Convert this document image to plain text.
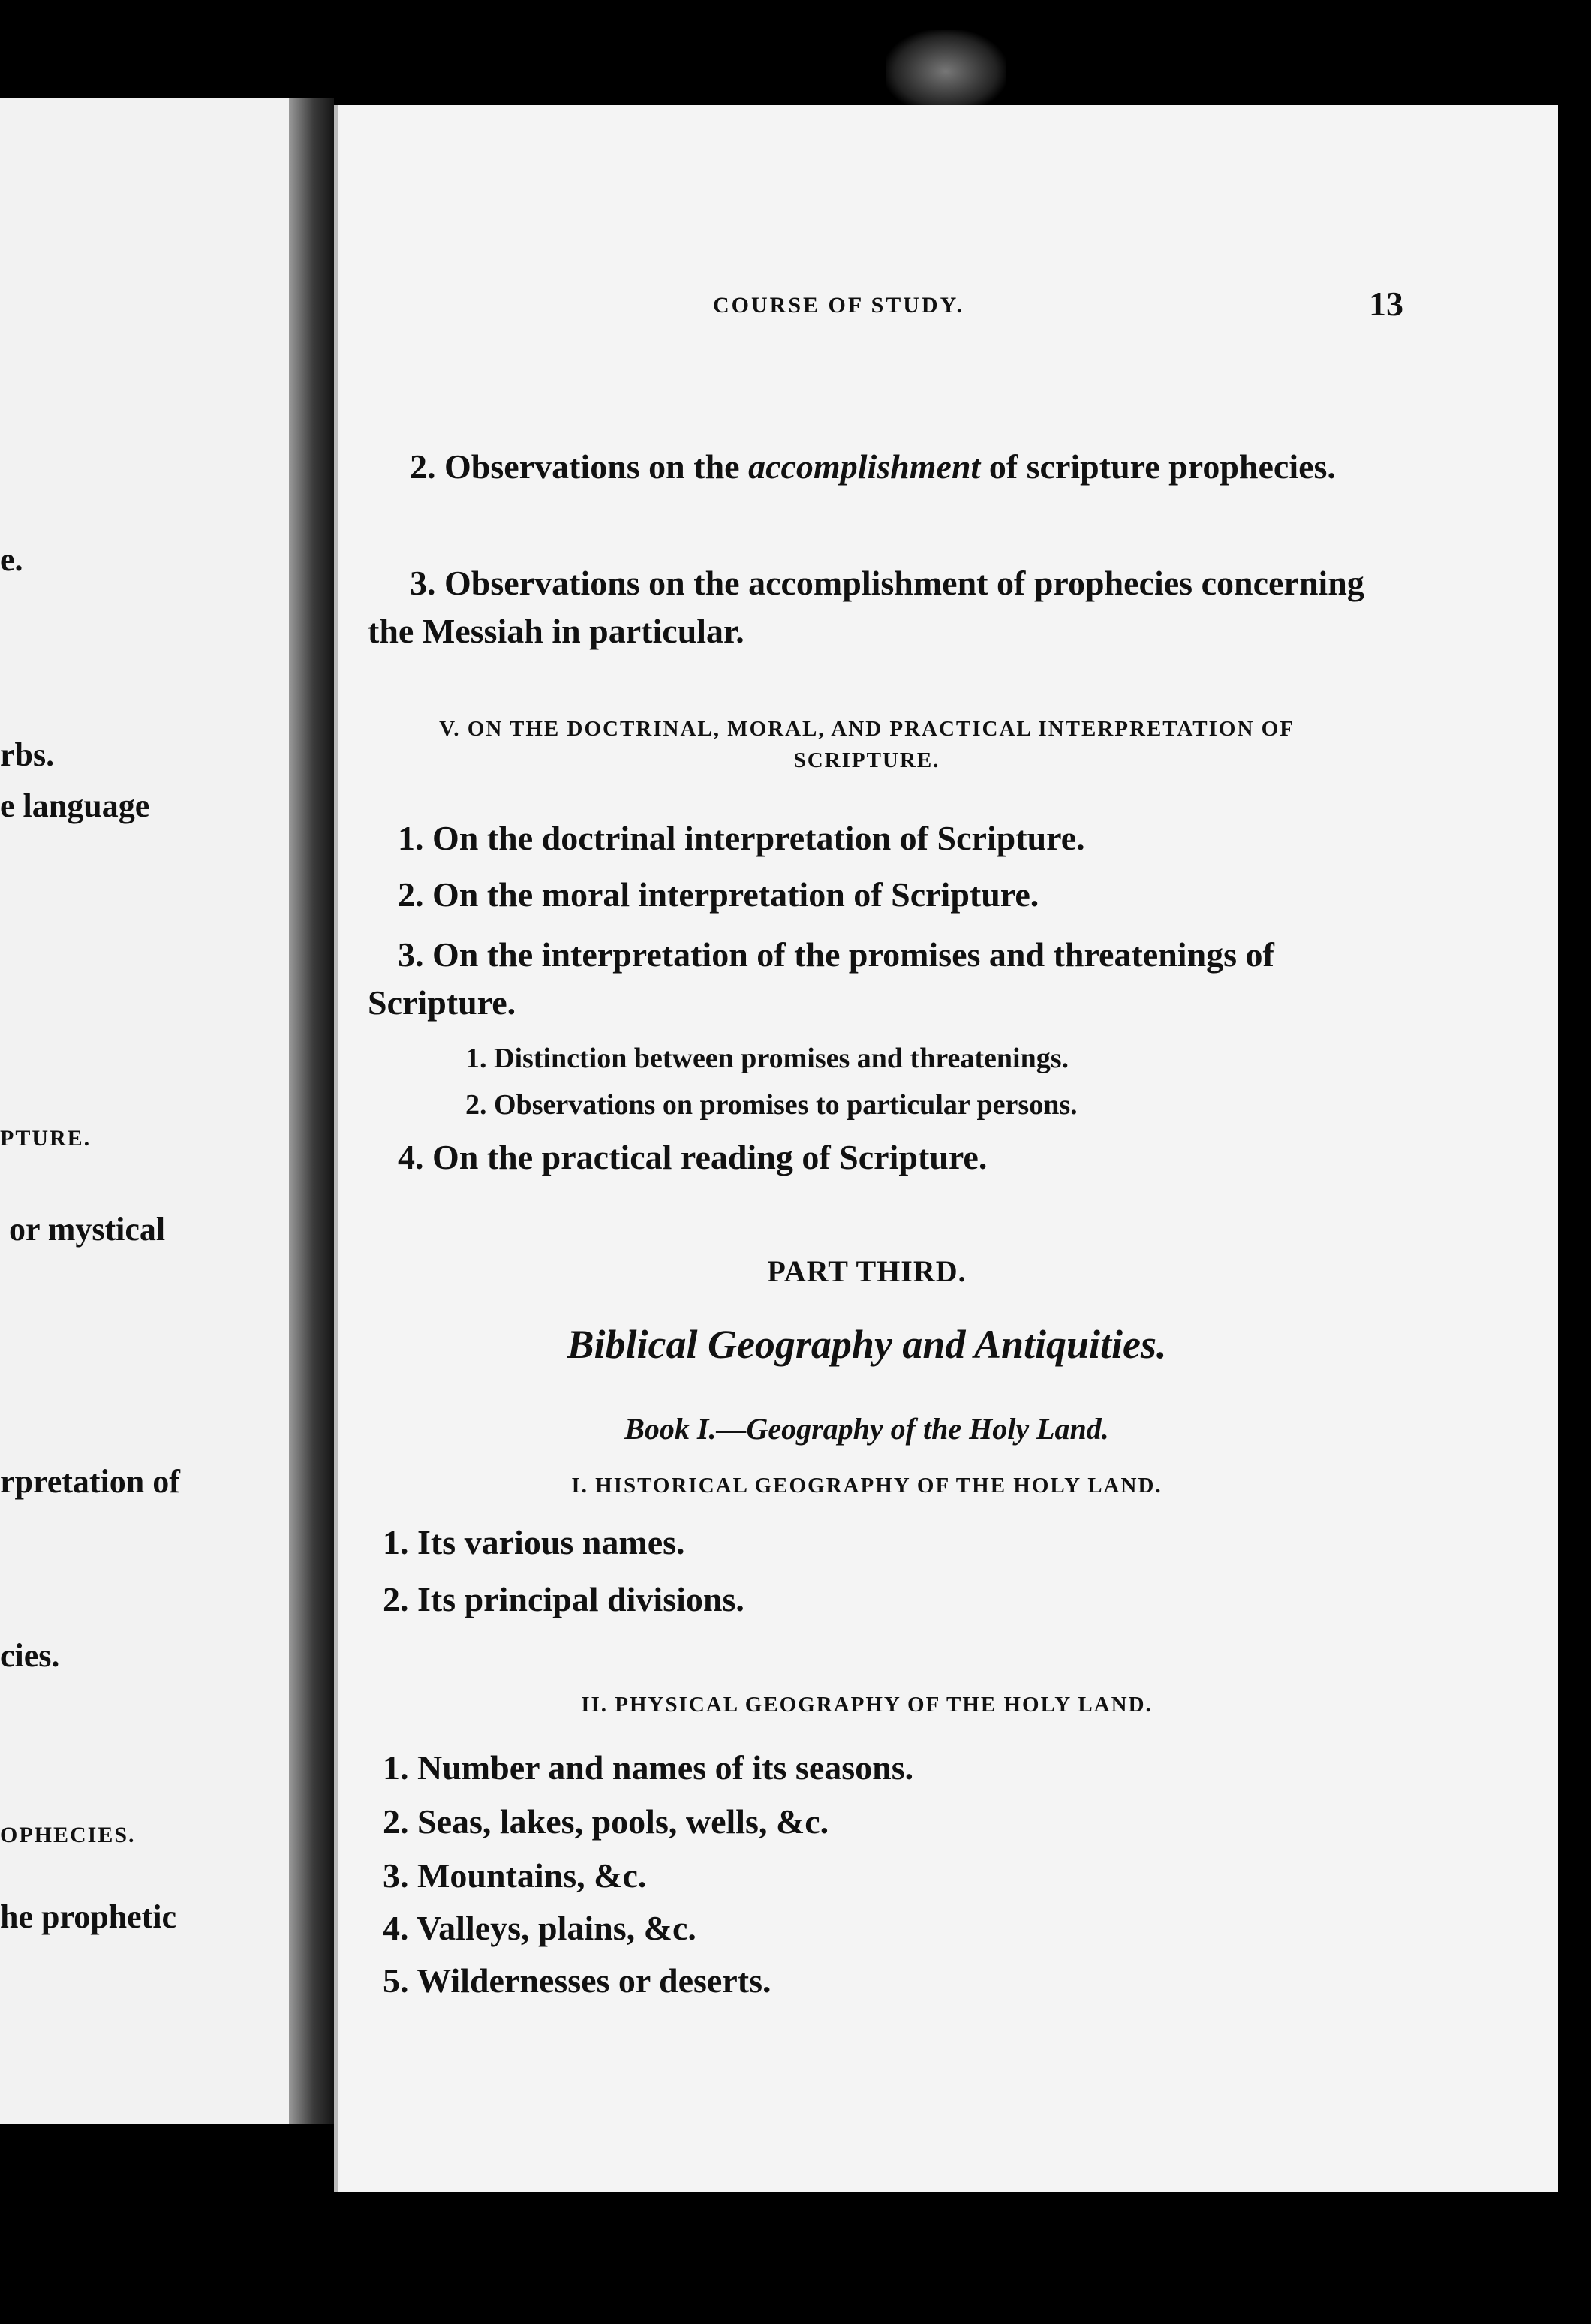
e.
rbs.
e language
PTURE.
or mystical
rpretation of
cies.
OPHECIES.
he prophetic
COURSE OF STUDY.	13
2. Observations on the accomplishment of scripture prophecies.
3. Observations on the accomplishment of prophecies concerning the Messiah in particular.
V. ON THE DOCTRINAL, MORAL, AND PRACTICAL INTERPRETATION OF SCRIPTURE.
1. On the doctrinal interpretation of Scripture.
2. On the moral interpretation of Scripture.
3. On the interpretation of the promises and threatenings of Scripture.
1. Distinction between promises and threatenings.
2. Observations on promises to particular persons.
4. On the practical reading of Scripture.
PART THIRD.
Biblical Geography and Antiquities.
Book I.—Geography of the Holy Land.
I. HISTORICAL GEOGRAPHY OF THE HOLY LAND.
1. Its various names.
2. Its principal divisions.
II. PHYSICAL GEOGRAPHY OF THE HOLY LAND.
1. Number and names of its seasons.
2. Seas, lakes, pools, wells, &c.
3. Mountains, &c.
4. Valleys, plains, &c.
5. Wildernesses or deserts.
